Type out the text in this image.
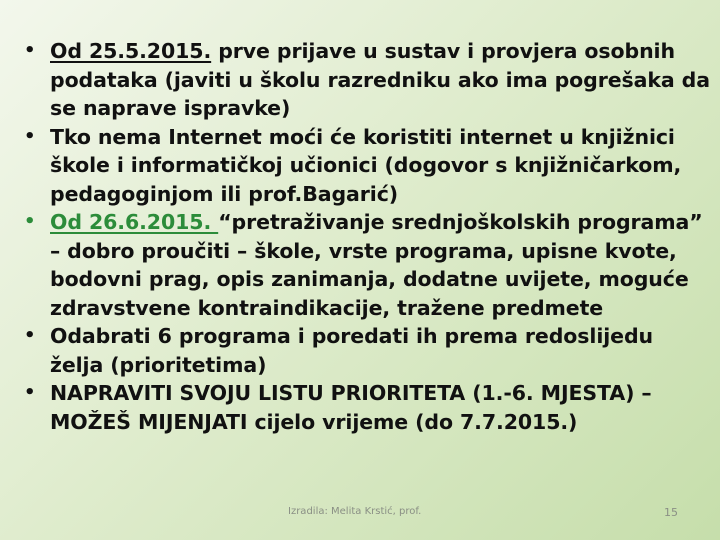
• Od 25.5.2015. prve prijave u sustav i provjera osobnih podataka (javiti u školu razredniku ako ima pogrešaka da se naprave ispravke)
• Tko nema Internet moći će koristiti internet u knjižnici škole i informatičkoj učionici (dogovor s knjižničarkom, pedagoginjom ili prof.Bagarić)
• Od 26.6.2015. “pretraživanje srednjoškolskih programa” – dobro proučiti – škole, vrste programa, upisne kvote, bodovni prag, opis zanimanja, dodatne uvijete, moguće zdravstvene kontraindikacije, tražene predmete
• Odabrati 6 programa i poredati ih prema redoslijedu želja (prioritetima)
• NAPRAVITI SVOJU LISTU PRIORITETA (1.-6. MJESTA) – MOŽEŠ MIJENJATI cijelo vrijeme (do 7.7.2015.)
Izradila: Melita Krstić, prof.	15
